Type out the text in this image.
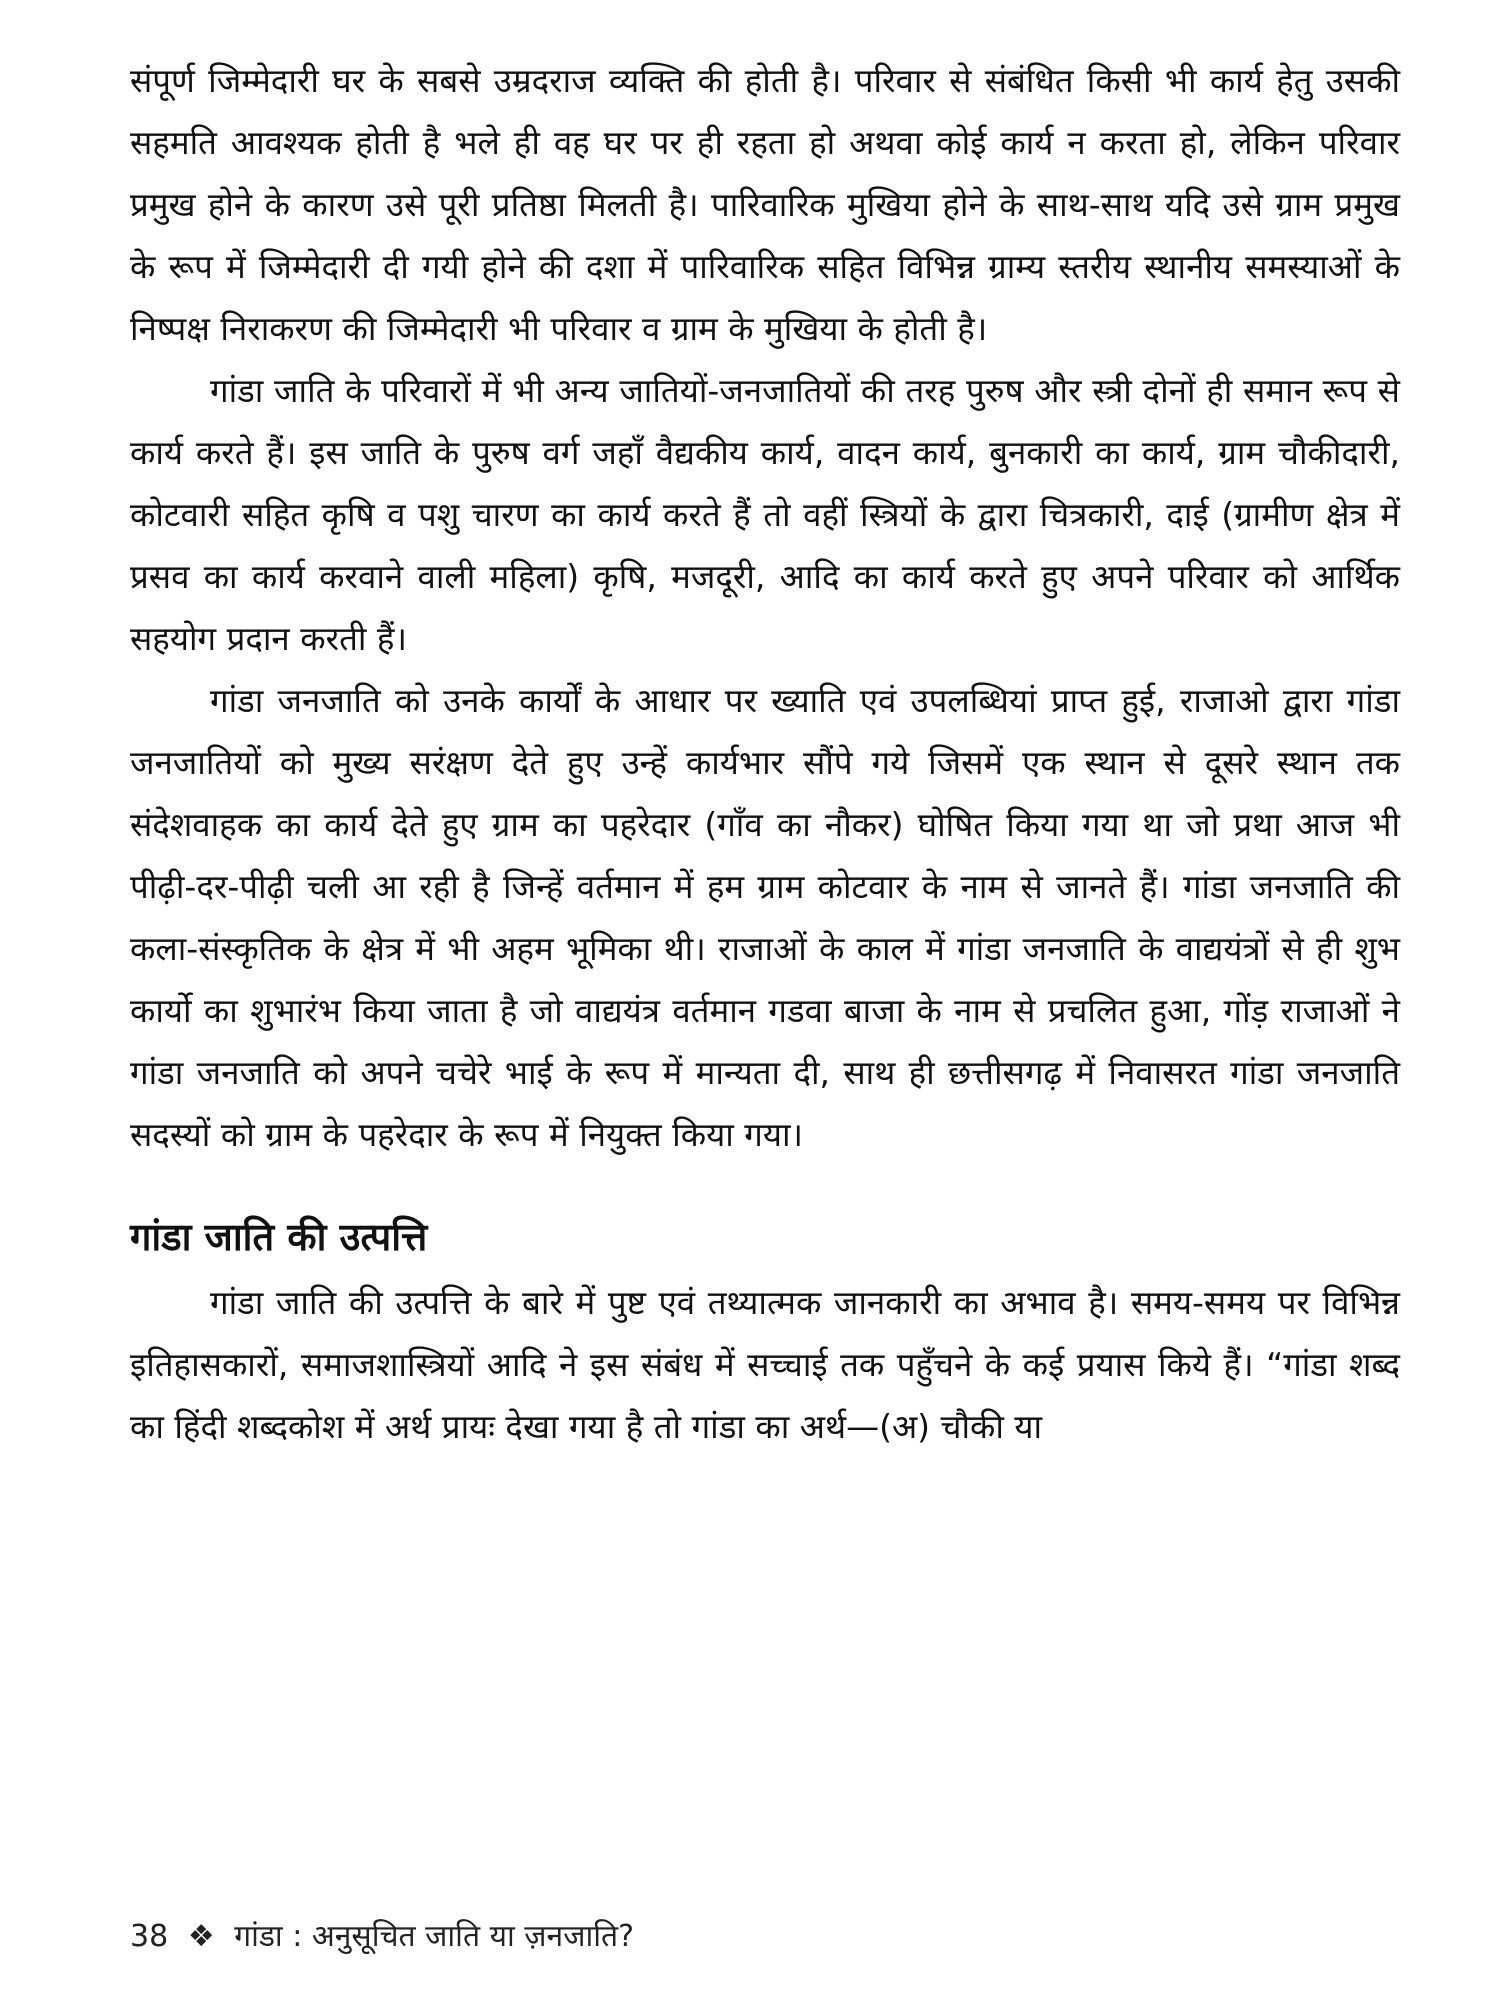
संपूर्ण जिम्मेदारी घर के सबसे उम्रदराज व्यक्ति की होती है। परिवार से संबंधित किसी भी कार्य हेतु उसकी सहमति आवश्यक होती है भले ही वह घर पर ही रहता हो अथवा कोई कार्य न करता हो, लेकिन परिवार प्रमुख होने के कारण उसे पूरी प्रतिष्ठा मिलती है। पारिवारिक मुखिया होने के साथ-साथ यदि उसे ग्राम प्रमुख के रूप में जिम्मेदारी दी गयी होने की दशा में पारिवारिक सहित विभिन्न ग्राम्य स्तरीय स्थानीय समस्याओं के निष्पक्ष निराकरण की जिम्मेदारी भी परिवार व ग्राम के मुखिया के होती है।

गांडा जाति के परिवारों में भी अन्य जातियों-जनजातियों की तरह पुरुष और स्त्री दोनों ही समान रूप से कार्य करते हैं। इस जाति के पुरुष वर्ग जहाँ वैद्यकीय कार्य, वादन कार्य, बुनकारी का कार्य, ग्राम चौकीदारी, कोटवारी सहित कृषि व पशु चारण का कार्य करते हैं तो वहीं स्त्रियों के द्वारा चित्रकारी, दाई (ग्रामीण क्षेत्र में प्रसव का कार्य करवाने वाली महिला) कृषि, मजदूरी, आदि का कार्य करते हुए अपने परिवार को आर्थिक सहयोग प्रदान करती हैं।

गांडा जनजाति को उनके कार्यों के आधार पर ख्याति एवं उपलब्धियां प्राप्त हुई, राजाओ द्वारा गांडा जनजातियों को मुख्य सरंक्षण देते हुए उन्हें कार्यभार सौंपे गये जिसमें एक स्थान से दूसरे स्थान तक संदेशवाहक का कार्य देते हुए ग्राम का पहरेदार (गाँव का नौकर) घोषित किया गया था जो प्रथा आज भी पीढ़ी-दर-पीढ़ी चली आ रही है जिन्हें वर्तमान में हम ग्राम कोटवार के नाम से जानते हैं। गांडा जनजाति की कला-संस्कृतिक के क्षेत्र में भी अहम भूमिका थी। राजाओं के काल में गांडा जनजाति के वाद्ययंत्रों से ही शुभ कार्यो का शुभारंभ किया जाता है जो वाद्ययंत्र वर्तमान गडवा बाजा के नाम से प्रचलित हुआ, गोंड़ राजाओं ने गांडा जनजाति को अपने चचेरे भाई के रूप में मान्यता दी, साथ ही छत्तीसगढ़ में निवासरत गांडा जनजाति सदस्यों को ग्राम के पहरेदार के रूप में नियुक्त किया गया।

गांडा जाति की उत्पत्ति

गांडा जाति की उत्पत्ति के बारे में पुष्ट एवं तथ्यात्मक जानकारी का अभाव है। समय-समय पर विभिन्न इतिहासकारों, समाजशास्त्रियों आदि ने इस संबंध में सच्चाई तक पहुँचने के कई प्रयास किये हैं। “गांडा शब्द का हिंदी शब्दकोश में अर्थ प्रायः देखा गया है तो गांडा का अर्थ—(अ) चौकी या

38 ❖ गांडा : अनुसूचित जाति या ज़नजाति?
